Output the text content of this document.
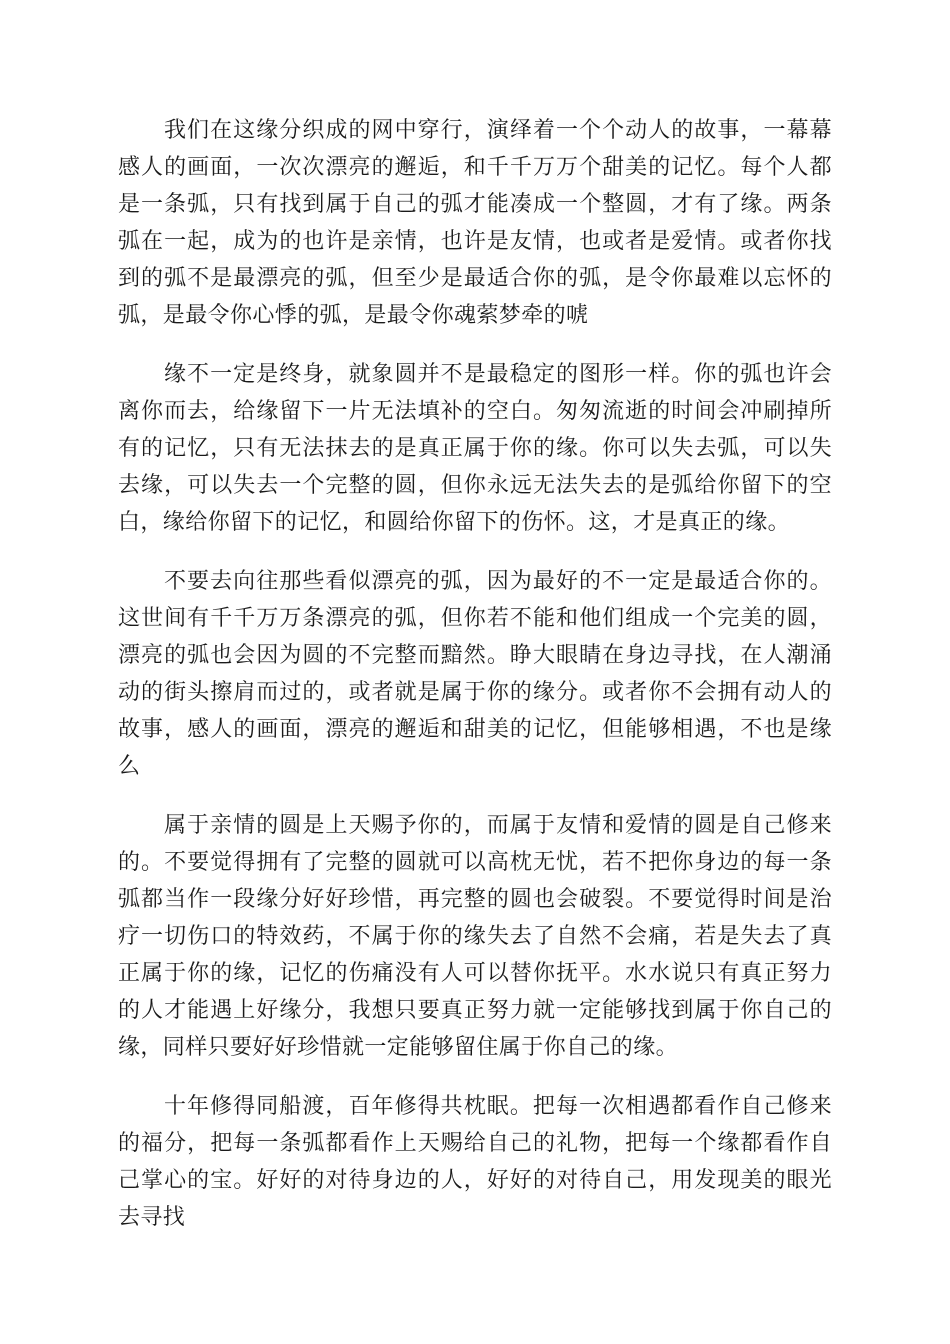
我们在这缘分织成的网中穿行，演绎着一个个动人的故事，一幕幕感人的画面，一次次漂亮的邂逅，和千千万万个甜美的记忆。每个人都是一条弧，只有找到属于自己的弧才能凑成一个整圆，才有了缘。两条弧在一起，成为的也许是亲情，也许是友情，也或者是爱情。或者你找到的弧不是最漂亮的弧，但至少是最适合你的弧，是令你最难以忘怀的弧，是最令你心悸的弧，是最令你魂萦梦牵的唬

缘不一定是终身，就象圆并不是最稳定的图形一样。你的弧也许会离你而去，给缘留下一片无法填补的空白。匆匆流逝的时间会冲刷掉所有的记忆，只有无法抹去的是真正属于你的缘。你可以失去弧，可以失去缘，可以失去一个完整的圆，但你永远无法失去的是弧给你留下的空白，缘给你留下的记忆，和圆给你留下的伤怀。这，才是真正的缘。

不要去向往那些看似漂亮的弧，因为最好的不一定是最适合你的。这世间有千千万万条漂亮的弧，但你若不能和他们组成一个完美的圆，漂亮的弧也会因为圆的不完整而黯然。睁大眼睛在身边寻找，在人潮涌动的街头擦肩而过的，或者就是属于你的缘分。或者你不会拥有动人的故事，感人的画面，漂亮的邂逅和甜美的记忆，但能够相遇，不也是缘么

属于亲情的圆是上天赐予你的，而属于友情和爱情的圆是自己修来的。不要觉得拥有了完整的圆就可以高枕无忧，若不把你身边的每一条弧都当作一段缘分好好珍惜，再完整的圆也会破裂。不要觉得时间是治疗一切伤口的特效药，不属于你的缘失去了自然不会痛，若是失去了真正属于你的缘，记忆的伤痛没有人可以替你抚平。水水说只有真正努力的人才能遇上好缘分，我想只要真正努力就一定能够找到属于你自己的缘，同样只要好好珍惜就一定能够留住属于你自己的缘。

十年修得同船渡，百年修得共枕眠。把每一次相遇都看作自己修来的福分，把每一条弧都看作上天赐给自己的礼物，把每一个缘都看作自己掌心的宝。好好的对待身边的人，好好的对待自己，用发现美的眼光去寻找
